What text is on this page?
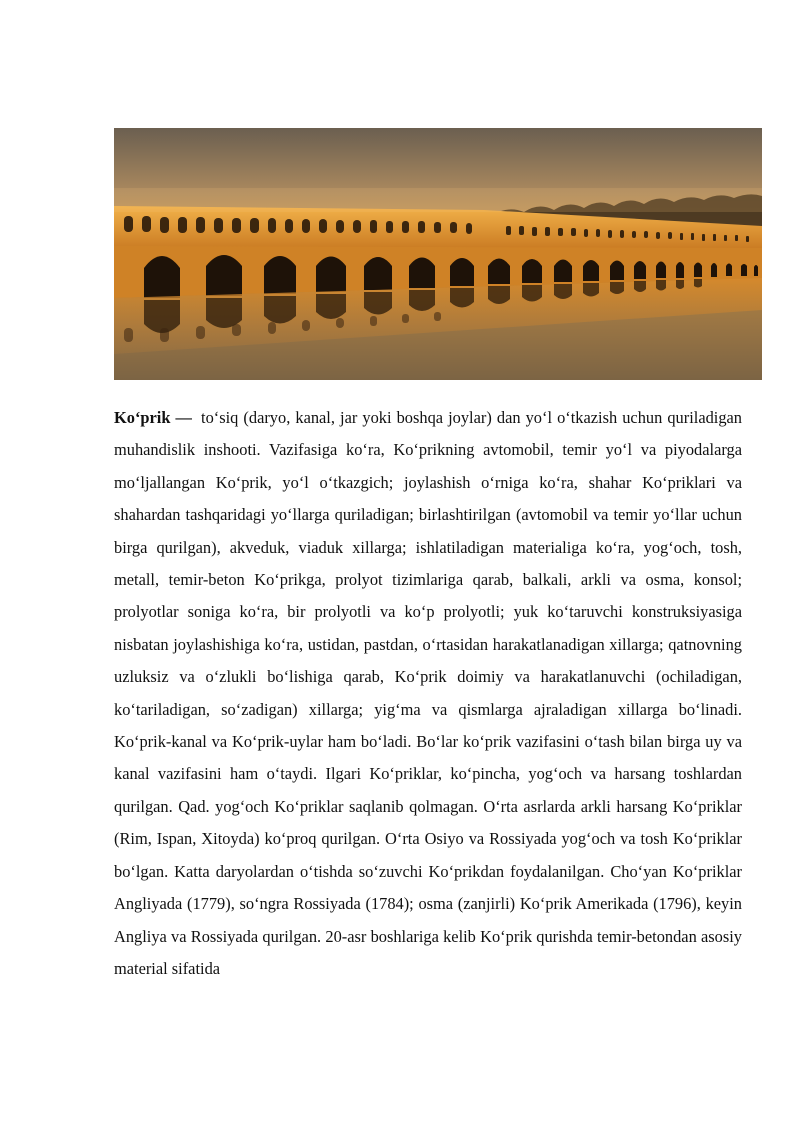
Koʻprik — toʻsiq (daryo, kanal, jar yoki boshqa joylar) dan yoʻl oʻtkazish uchun quriladigan muhandislik inshooti. Vazifasiga koʻra, Koʻprikning avtomobil, temir yoʻl va piyodalarga moʻljallangan Koʻprik, yoʻl oʻtkazgich; joylashish oʻrniga koʻra, shahar Koʻpriklari va shahardan tashqaridagi yoʻllarga quriladigan; birlashtirilgan (avtomobil va temir yoʻllar uchun birga qurilgan), akveduk, viaduk xillarga; ishlatiladigan materialiga koʻra, yogʻoch, tosh, metall, temir-beton Koʻprikga, prolyot tizimlariga qarab, balkali, arkli va osma, konsol; prolyotlar soniga koʻra, bir prolyotli va koʻp prolyotli; yuk koʻtaruvchi konstruksiyasiga nisbatan joylashishiga koʻra, ustidan, pastdan, oʻrtasidan harakatlanadigan xillarga; qatnovning uzluksiz va oʻzlukli boʻlishiga qarab, Koʻprik doimiy va harakatlanuvchi (ochiladigan, koʻtariladigan, soʻzadigan) xillarga; yigʻma va qismlarga ajraladigan xillarga boʻlinadi. Koʻprik-kanal va Koʻprik-uylar ham boʻladi. Boʻlar koʻprik vazifasini oʻtash bilan birga uy va kanal vazifasini ham oʻtaydi. Ilgari Koʻpriklar, koʻpincha, yogʻoch va harsang toshlardan qurilgan. Qad. yogʻoch Koʻpriklar saqlanib qolmagan. Oʻrta asrlarda arkli harsang Koʻpriklar (Rim, Ispan, Xitoyda) koʻproq qurilgan. Oʻrta Osiyo va Rossiyada yogʻoch va tosh Koʻpriklar boʻlgan. Katta daryolardan oʻtishda soʻzuvchi Koʻprikdan foydalanilgan. Choʻyan Koʻpriklar Angliyada (1779), soʻngra Rossiyada (1784); osma (zanjirli) Koʻprik Amerikada (1796), keyin Angliya va Rossiyada qurilgan. 20-asr boshlariga kelib Koʻprik qurishda temir-betondan asosiy material sifatida
